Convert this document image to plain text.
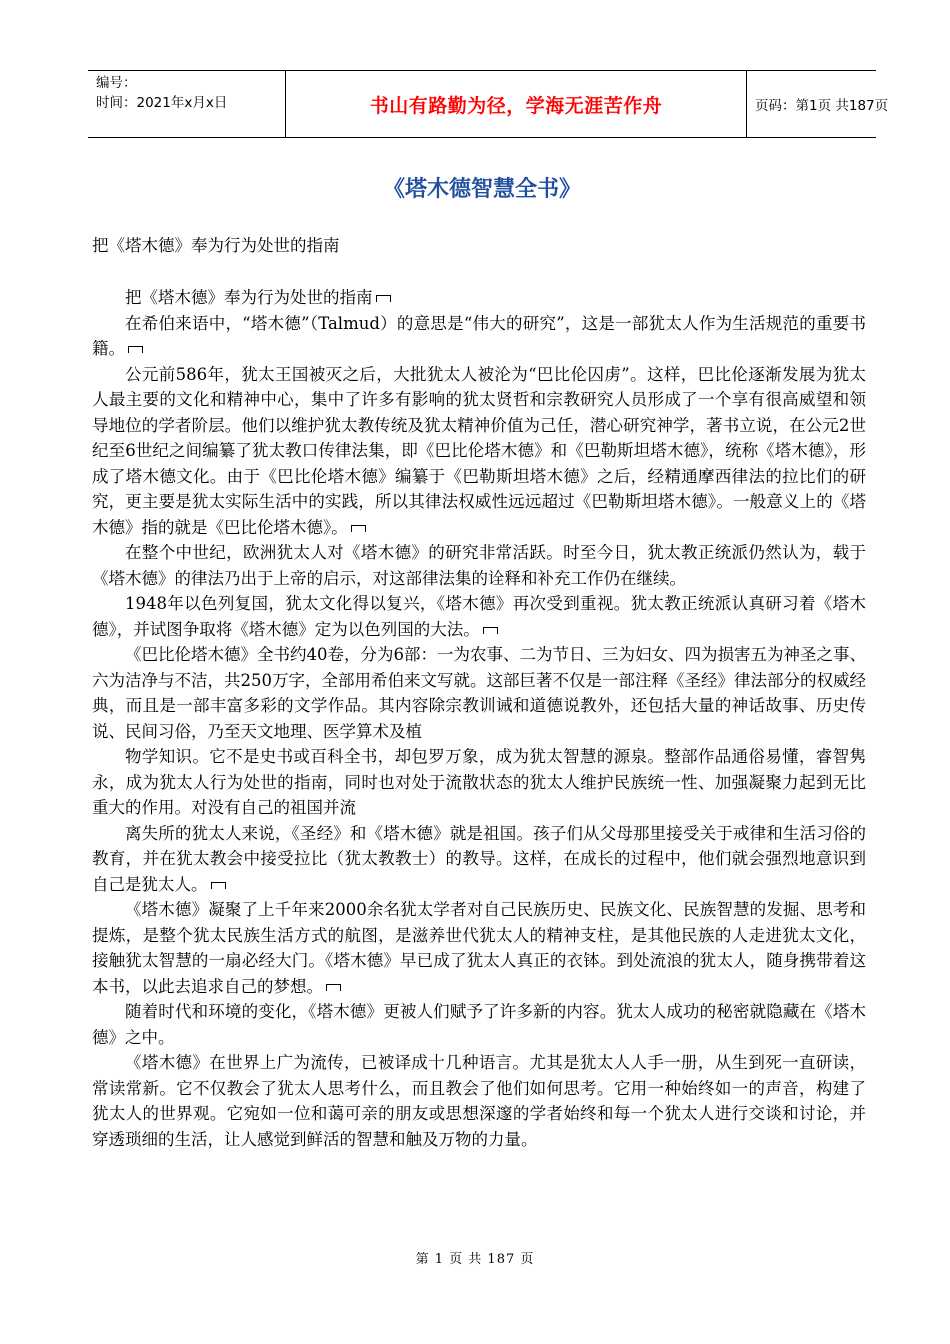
编号：
时间：2021年x月x日	书山有路勤为径，学海无涯苦作舟	页码：第1页 共187页
《塔木德智慧全书》
把《塔木德》奉为行为处世的指南

把《塔木德》奉为行为处世的指南

在希伯来语中，“塔木德”（Talmud）的意思是“伟大的研究”，这是一部犹太人作为生活规范的重要书籍。

公元前586年，犹太王国被灭之后，大批犹太人被沦为“巴比伦囚虏”。这样，巴比伦逐渐发展为犹太人最主要的文化和精神中心，集中了许多有影响的犹太贤哲和宗教研究人员形成了一个享有很高威望和领导地位的学者阶层。他们以维护犹太教传统及犹太精神价值为己任，潜心研究神学，著书立说，在公元2世纪至6世纪之间编纂了犹太教口传律法集，即《巴比伦塔木德》和《巴勒斯坦塔木德》，统称《塔木德》，形成了塔木德文化。由于《巴比伦塔木德》编纂于《巴勒斯坦塔木德》之后，经精通摩西律法的拉比们的研究，更主要是犹太实际生活中的实践，所以其律法权威性远远超过《巴勒斯坦塔木德》。一般意义上的《塔木德》指的就是《巴比伦塔木德》。

在整个中世纪，欧洲犹太人对《塔木德》的研究非常活跃。时至今日，犹太教正统派仍然认为，载于《塔木德》的律法乃出于上帝的启示，对这部律法集的诠释和补充工作仍在继续。

1948年以色列复国，犹太文化得以复兴，《塔木德》再次受到重视。犹太教正统派认真研习着《塔木德》，并试图争取将《塔木德》定为以色列国的大法。

《巴比伦塔木德》全书约40卷，分为6部：一为农事、二为节日、三为妇女、四为损害五为神圣之事、六为洁净与不洁，共250万字，全部用希伯来文写就。这部巨著不仅是一部注释《圣经》律法部分的权威经典，而且是一部丰富多彩的文学作品。其内容除宗教训诫和道德说教外，还包括大量的神话故事、历史传说、民间习俗，乃至天文地理、医学算术及植

物学知识。它不是史书或百科全书，却包罗万象，成为犹太智慧的源泉。整部作品通俗易懂，睿智隽永，成为犹太人行为处世的指南，同时也对处于流散状态的犹太人维护民族统一性、加强凝聚力起到无比重大的作用。对没有自己的祖国并流

离失所的犹太人来说，《圣经》和《塔木德》就是祖国。孩子们从父母那里接受关于戒律和生活习俗的教育，并在犹太教会中接受拉比（犹太教教士）的教导。这样，在成长的过程中，他们就会强烈地意识到自己是犹太人。

《塔木德》凝聚了上千年来2000余名犹太学者对自己民族历史、民族文化、民族智慧的发掘、思考和提炼，是整个犹太民族生活方式的航图，是滋养世代犹太人的精神支柱，是其他民族的人走进犹太文化，接触犹太智慧的一扇必经大门。《塔木德》早已成了犹太人真正的衣钵。到处流浪的犹太人，随身携带着这本书，以此去追求自己的梦想。

随着时代和环境的变化，《塔木德》更被人们赋予了许多新的内容。犹太人成功的秘密就隐藏在《塔木德》之中。

《塔木德》在世界上广为流传，已被译成十几种语言。尤其是犹太人人手一册，从生到死一直研读，常读常新。它不仅教会了犹太人思考什么，而且教会了他们如何思考。它用一种始终如一的声音，构建了犹太人的世界观。它宛如一位和蔼可亲的朋友或思想深邃的学者始终和每一个犹太人进行交谈和讨论，并穿透琐细的生活，让人感觉到鲜活的智慧和触及万物的力量。

第 1 页 共 187 页
